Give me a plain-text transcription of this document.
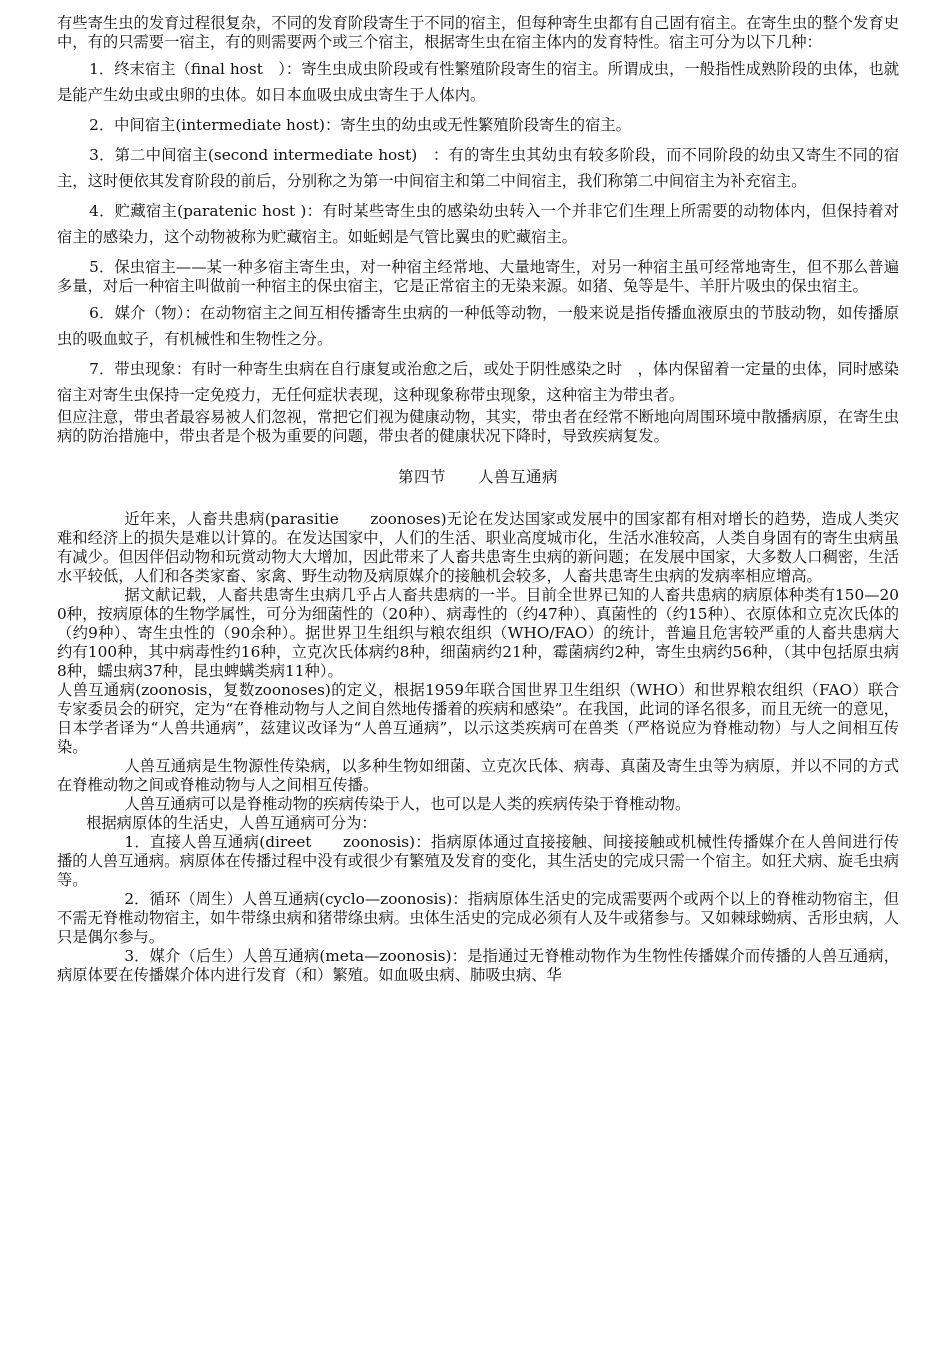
有些寄生虫的发育过程很复杂，不同的发育阶段寄生于不同的宿主，但每种寄生虫都有自己固有宿主。在寄生虫的整个发育史中，有的只需要一宿主，有的则需要两个或三个宿主，根据寄生虫在宿主体内的发育特性。宿主可分为以下几种：

1．终末宿主（final host　）：寄生虫成虫阶段或有性繁殖阶段寄生的宿主。所谓成虫，一般指性成熟阶段的虫体，也就是能产生幼虫或虫卵的虫体。如日本血吸虫成虫寄生于人体内。

2．中间宿主(intermediate host)：寄生虫的幼虫或无性繁殖阶段寄生的宿主。

3．第二中间宿主(second intermediate host)　：有的寄生虫其幼虫有较多阶段，而不同阶段的幼虫又寄生不同的宿主，这时便依其发育阶段的前后，分别称之为第一中间宿主和第二中间宿主，我们称第二中间宿主为补充宿主。

4．贮藏宿主(paratenic host )：有时某些寄生虫的感染幼虫转入一个并非它们生理上所需要的动物体内，但保持着对宿主的感染力，这个动物被称为贮藏宿主。如蚯蚓是气管比翼虫的贮藏宿主。

5．保虫宿主——某一种多宿主寄生虫，对一种宿主经常地、大量地寄生，对另一种宿主虽可经常地寄生，但不那么普遍多量，对后一种宿主叫做前一种宿主的保虫宿主，它是正常宿主的无染来源。如猪、兔等是牛、羊肝片吸虫的保虫宿主。

6．媒介（物）：在动物宿主之间互相传播寄生虫病的一种低等动物，一般来说是指传播血液原虫的节肢动物，如传播原虫的吸血蚊子，有机械性和生物性之分。

7．带虫现象：有时一种寄生虫病在自行康复或治愈之后，或处于阴性感染之时　，体内保留着一定量的虫体，同时感染宿主对寄生虫保持一定免疫力，无任何症状表现，这种现象称带虫现象，这种宿主为带虫者。

但应注意，带虫者最容易被人们忽视，常把它们视为健康动物，其实，带虫者在经常不断地向周围环境中散播病原，在寄生虫病的防治措施中，带虫者是个极为重要的问题，带虫者的健康状况下降时，导致疾病复发。

第四节　　人兽互通病

近年来，人畜共患病(parasitie　　zoonoses)无论在发达国家或发展中的国家都有相对增长的趋势，造成人类灾难和经济上的损失是难以计算的。在发达国家中，人们的生活、职业高度城市化，生活水准较高，人类自身固有的寄生虫病虽有减少。但因伴侣动物和玩赏动物大大增加，因此带来了人畜共患寄生虫病的新问题；在发展中国家，大多数人口稠密，生活水平较低，人们和各类家畜、家禽、野生动物及病原媒介的接触机会较多，人畜共患寄生虫病的发病率相应增高。

据文献记载，人畜共患寄生虫病几乎占人畜共患病的一半。目前全世界已知的人畜共患病的病原体种类有150—200种，按病原体的生物学属性，可分为细菌性的（20种）、病毒性的（约47种）、真菌性的（约15种）、衣原体和立克次氏体的（约9种）、寄生虫性的（90余种）。据世界卫生组织与粮农组织（WHO/FAO）的统计，普遍且危害较严重的人畜共患病大约有100种，其中病毒性约16种，立克次氏体病约8种，细菌病约21种，霉菌病约2种，寄生虫病约56种，（其中包括原虫病8种，蠕虫病37种，昆虫蜱螨类病11种）。

人兽互通病(zoonosis，复数zoonoses)的定义，根据1959年联合国世界卫生组织（WHO）和世界粮农组织（FAO）联合专家委员会的研究，定为“在脊椎动物与人之间自然地传播着的疾病和感染”。在我国，此词的译名很多，而且无统一的意见，日本学者译为“人兽共通病”，兹建议改译为“人兽互通病”，以示这类疾病可在兽类（严格说应为脊椎动物）与人之间相互传染。

人兽互通病是生物源性传染病，以多种生物如细菌、立克次氏体、病毒、真菌及寄生虫等为病原，并以不同的方式在脊椎动物之间或脊椎动物与人之间相互传播。

人兽互通病可以是脊椎动物的疾病传染于人，也可以是人类的疾病传染于脊椎动物。

根据病原体的生活史，人兽互通病可分为：

1．直接人兽互通病(direet　　zoonosis)：指病原体通过直接接触、间接接触或机械性传播媒介在人兽间进行传播的人兽互通病。病原体在传播过程中没有或很少有繁殖及发育的变化，其生活史的完成只需一个宿主。如狂犬病、旋毛虫病等。

2．循环（周生）人兽互通病(cyclo—zoonosis)：指病原体生活史的完成需要两个或两个以上的脊椎动物宿主，但不需无脊椎动物宿主，如牛带绦虫病和猪带绦虫病。虫体生活史的完成必须有人及牛或猪参与。又如棘球蚴病、舌形虫病，人只是偶尔参与。

3．媒介（后生）人兽互通病(meta—zoonosis)：是指通过无脊椎动物作为生物性传播媒介而传播的人兽互通病，病原体要在传播媒介体内进行发育（和）繁殖。如血吸虫病、肺吸虫病、华
